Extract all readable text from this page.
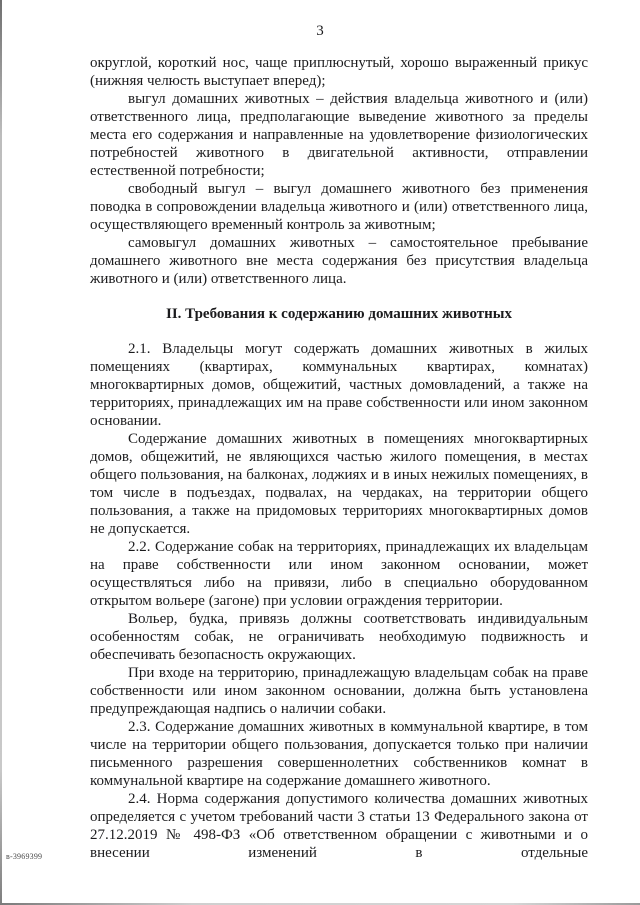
3

округлой, короткий нос, чаще приплюснутый, хорошо выраженный прикус (нижняя челюсть выступает вперед);

выгул домашних животных – действия владельца животного и (или) ответственного лица, предполагающие выведение животного за пределы места его содержания и направленные на удовлетворение физиологических потребностей животного в двигательной активности, отправлении естественной потребности;

свободный выгул – выгул домашнего животного без применения поводка в сопровождении владельца животного и (или) ответственного лица, осуществляющего временный контроль за животным;

самовыгул домашних животных – самостоятельное пребывание домашнего животного вне места содержания без присутствия владельца животного и (или) ответственного лица.

II. Требования к содержанию домашних животных

2.1. Владельцы могут содержать домашних животных в жилых помещениях (квартирах, коммунальных квартирах, комнатах) многоквартирных домов, общежитий, частных домовладений, а также на территориях, принадлежащих им на праве собственности или ином законном основании.

Содержание домашних животных в помещениях многоквартирных домов, общежитий, не являющихся частью жилого помещения, в местах общего пользования, на балконах, лоджиях и в иных нежилых помещениях, в том числе в подъездах, подвалах, на чердаках, на территории общего пользования, а также на придомовых территориях многоквартирных домов не допускается.

2.2. Содержание собак на территориях, принадлежащих их владельцам на праве собственности или ином законном основании, может осуществляться либо на привязи, либо в специально оборудованном открытом вольере (загоне) при условии ограждения территории.

Вольер, будка, привязь должны соответствовать индивидуальным особенностям собак, не ограничивать необходимую подвижность и обеспечивать безопасность окружающих.

При входе на территорию, принадлежащую владельцам собак на праве собственности или ином законном основании, должна быть установлена предупреждающая надпись о наличии собаки.

2.3. Содержание домашних животных в коммунальной квартире, в том числе на территории общего пользования, допускается только при наличии письменного разрешения совершеннолетних собственников комнат в коммунальной квартире на содержание домашнего животного.

2.4. Норма содержания допустимого количества домашних животных определяется с учетом требований части 3 статьи 13 Федерального закона от 27.12.2019 № 498-ФЗ «Об ответственном обращении с животными и о внесении изменений в отдельные

в-3969399
